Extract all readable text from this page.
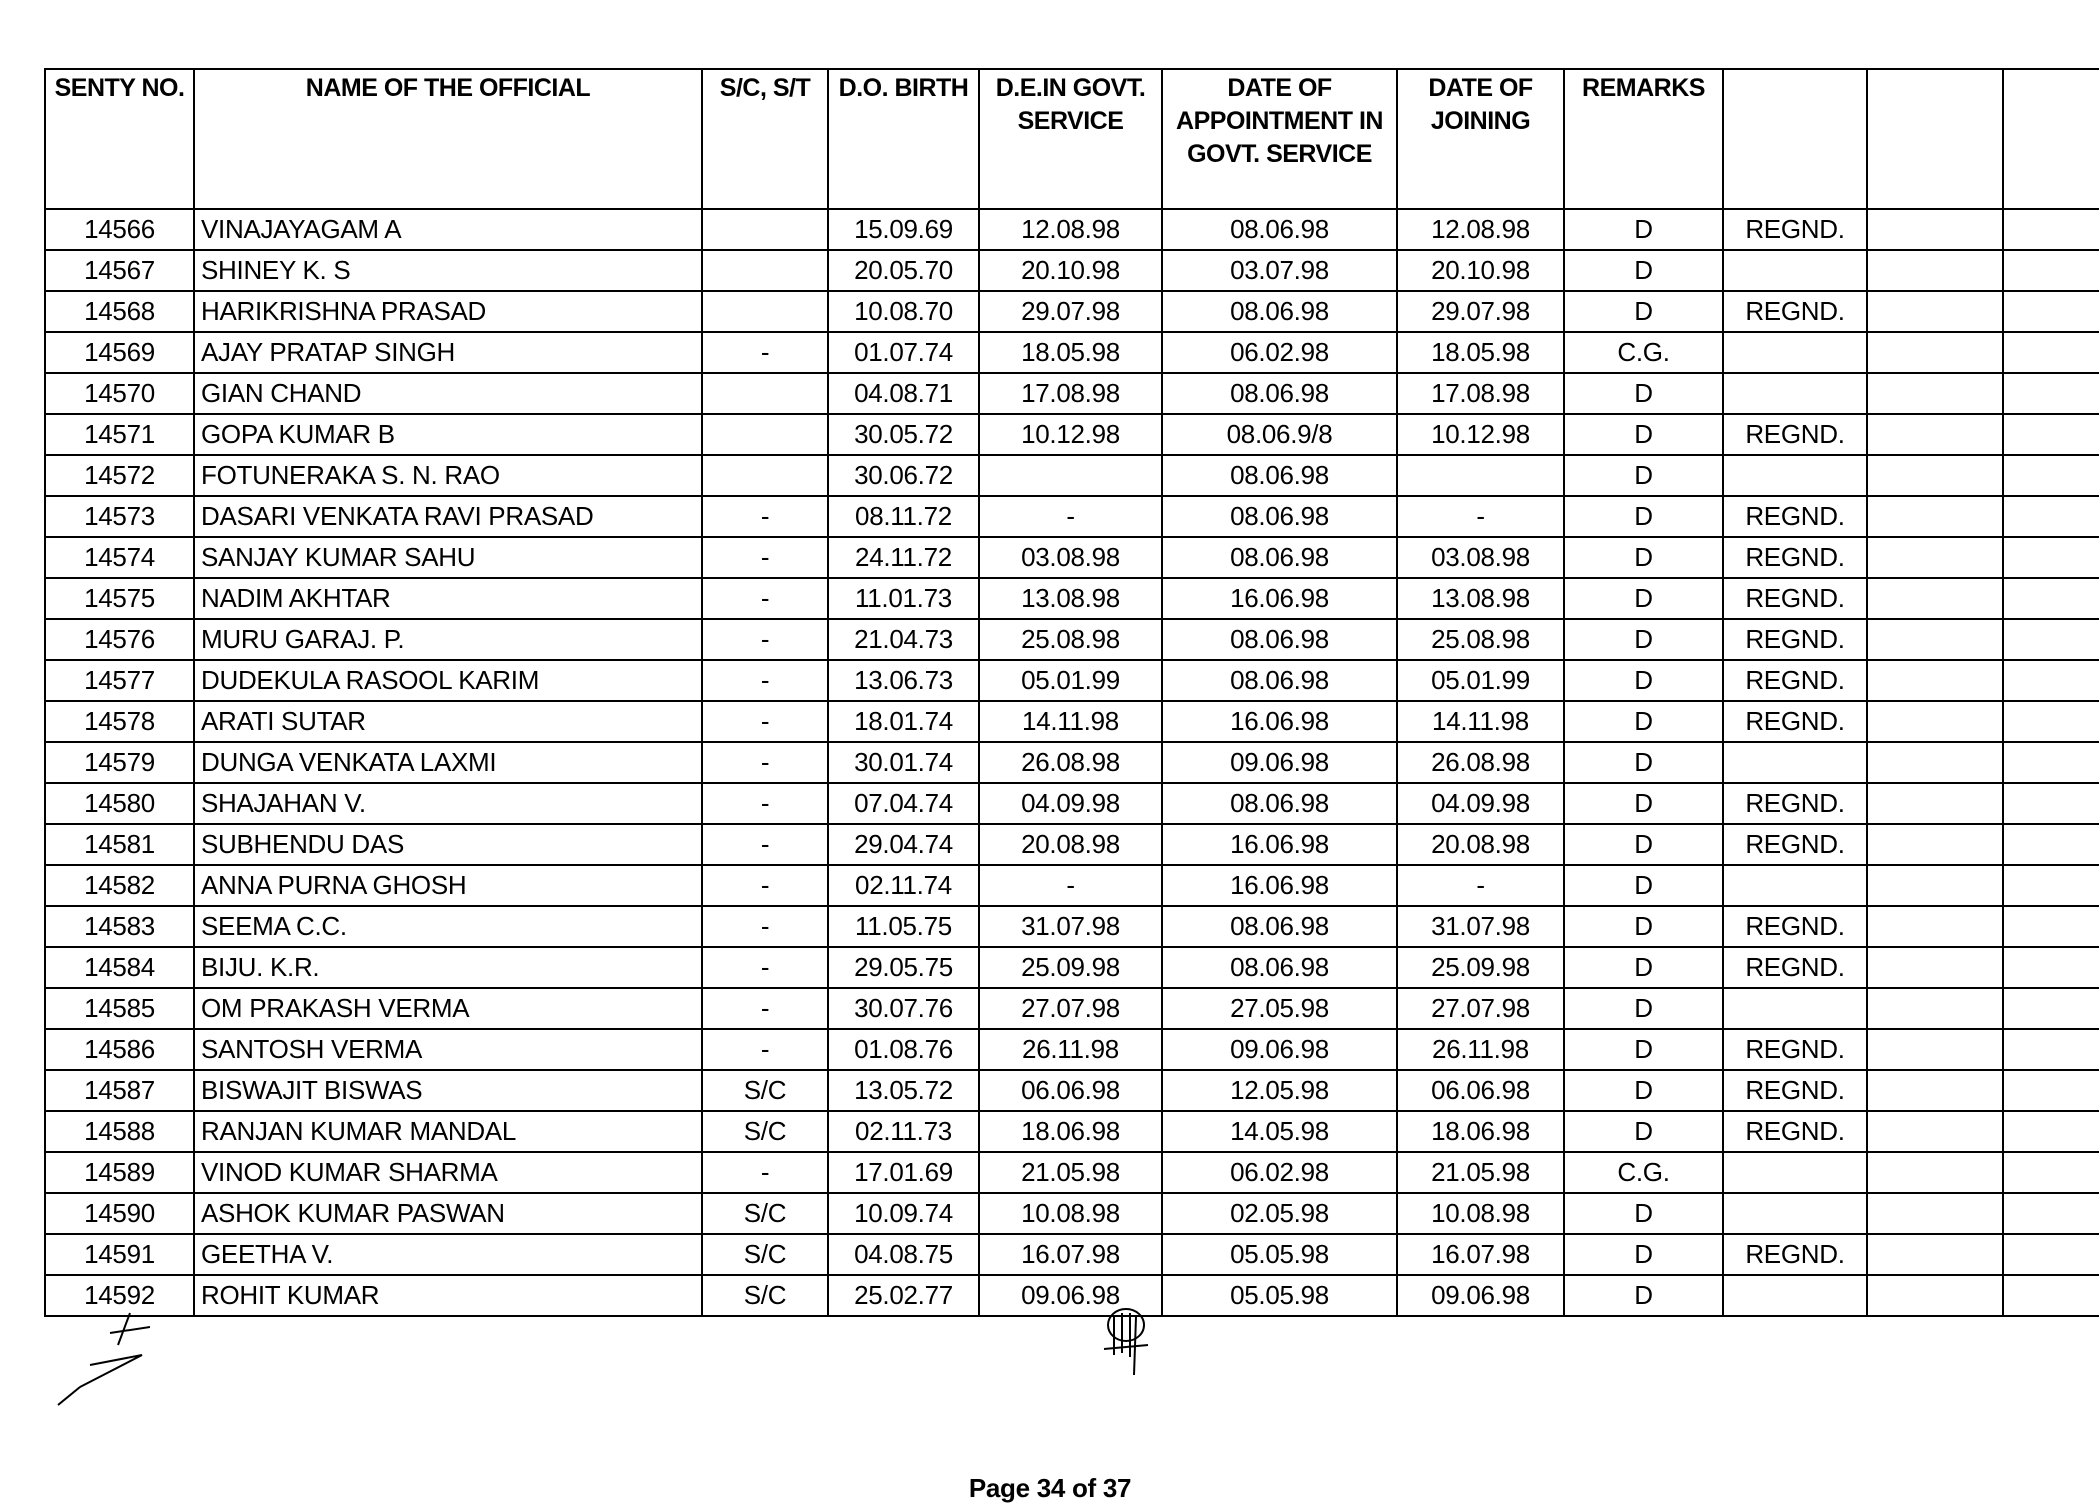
SENTY NO.	NAME OF THE OFFICIAL	S/C, S/T	D.O. BIRTH	D.E.IN GOVT. SERVICE	DATE OF APPOINTMENT IN GOVT. SERVICE	DATE OF JOINING	REMARKS			
14566	VINAJAYAGAM A		15.09.69	12.08.98	08.06.98	12.08.98	D	REGND.		
14567	SHINEY K. S		20.05.70	20.10.98	03.07.98	20.10.98	D			
14568	HARIKRISHNA PRASAD		10.08.70	29.07.98	08.06.98	29.07.98	D	REGND.		
14569	AJAY PRATAP SINGH	-	01.07.74	18.05.98	06.02.98	18.05.98	C.G.			
14570	GIAN CHAND		04.08.71	17.08.98	08.06.98	17.08.98	D			
14571	GOPA KUMAR B		30.05.72	10.12.98	08.06.9/8	10.12.98	D	REGND.		
14572	FOTUNERAKA S. N. RAO		30.06.72		08.06.98		D			
14573	DASARI VENKATA RAVI PRASAD	-	08.11.72	-	08.06.98	-	D	REGND.		
14574	SANJAY KUMAR SAHU	-	24.11.72	03.08.98	08.06.98	03.08.98	D	REGND.		
14575	NADIM AKHTAR	-	11.01.73	13.08.98	16.06.98	13.08.98	D	REGND.		
14576	MURU GARAJ. P.	-	21.04.73	25.08.98	08.06.98	25.08.98	D	REGND.		
14577	DUDEKULA RASOOL KARIM	-	13.06.73	05.01.99	08.06.98	05.01.99	D	REGND.		
14578	ARATI SUTAR	-	18.01.74	14.11.98	16.06.98	14.11.98	D	REGND.		
14579	DUNGA VENKATA LAXMI	-	30.01.74	26.08.98	09.06.98	26.08.98	D			
14580	SHAJAHAN V.	-	07.04.74	04.09.98	08.06.98	04.09.98	D	REGND.		
14581	SUBHENDU DAS	-	29.04.74	20.08.98	16.06.98	20.08.98	D	REGND.		
14582	ANNA PURNA GHOSH	-	02.11.74	-	16.06.98	-	D			
14583	SEEMA C.C.	-	11.05.75	31.07.98	08.06.98	31.07.98	D	REGND.		
14584	BIJU. K.R.	-	29.05.75	25.09.98	08.06.98	25.09.98	D	REGND.		
14585	OM PRAKASH VERMA	-	30.07.76	27.07.98	27.05.98	27.07.98	D			
14586	SANTOSH VERMA	-	01.08.76	26.11.98	09.06.98	26.11.98	D	REGND.		
14587	BISWAJIT BISWAS	S/C	13.05.72	06.06.98	12.05.98	06.06.98	D	REGND.		
14588	RANJAN KUMAR MANDAL	S/C	02.11.73	18.06.98	14.05.98	18.06.98	D	REGND.		
14589	VINOD KUMAR SHARMA	-	17.01.69	21.05.98	06.02.98	21.05.98	C.G.			
14590	ASHOK KUMAR PASWAN	S/C	10.09.74	10.08.98	02.05.98	10.08.98	D			
14591	GEETHA V.	S/C	04.08.75	16.07.98	05.05.98	16.07.98	D	REGND.		
14592	ROHIT KUMAR	S/C	25.02.77	09.06.98	05.05.98	09.06.98	D			
Page 34 of 37
